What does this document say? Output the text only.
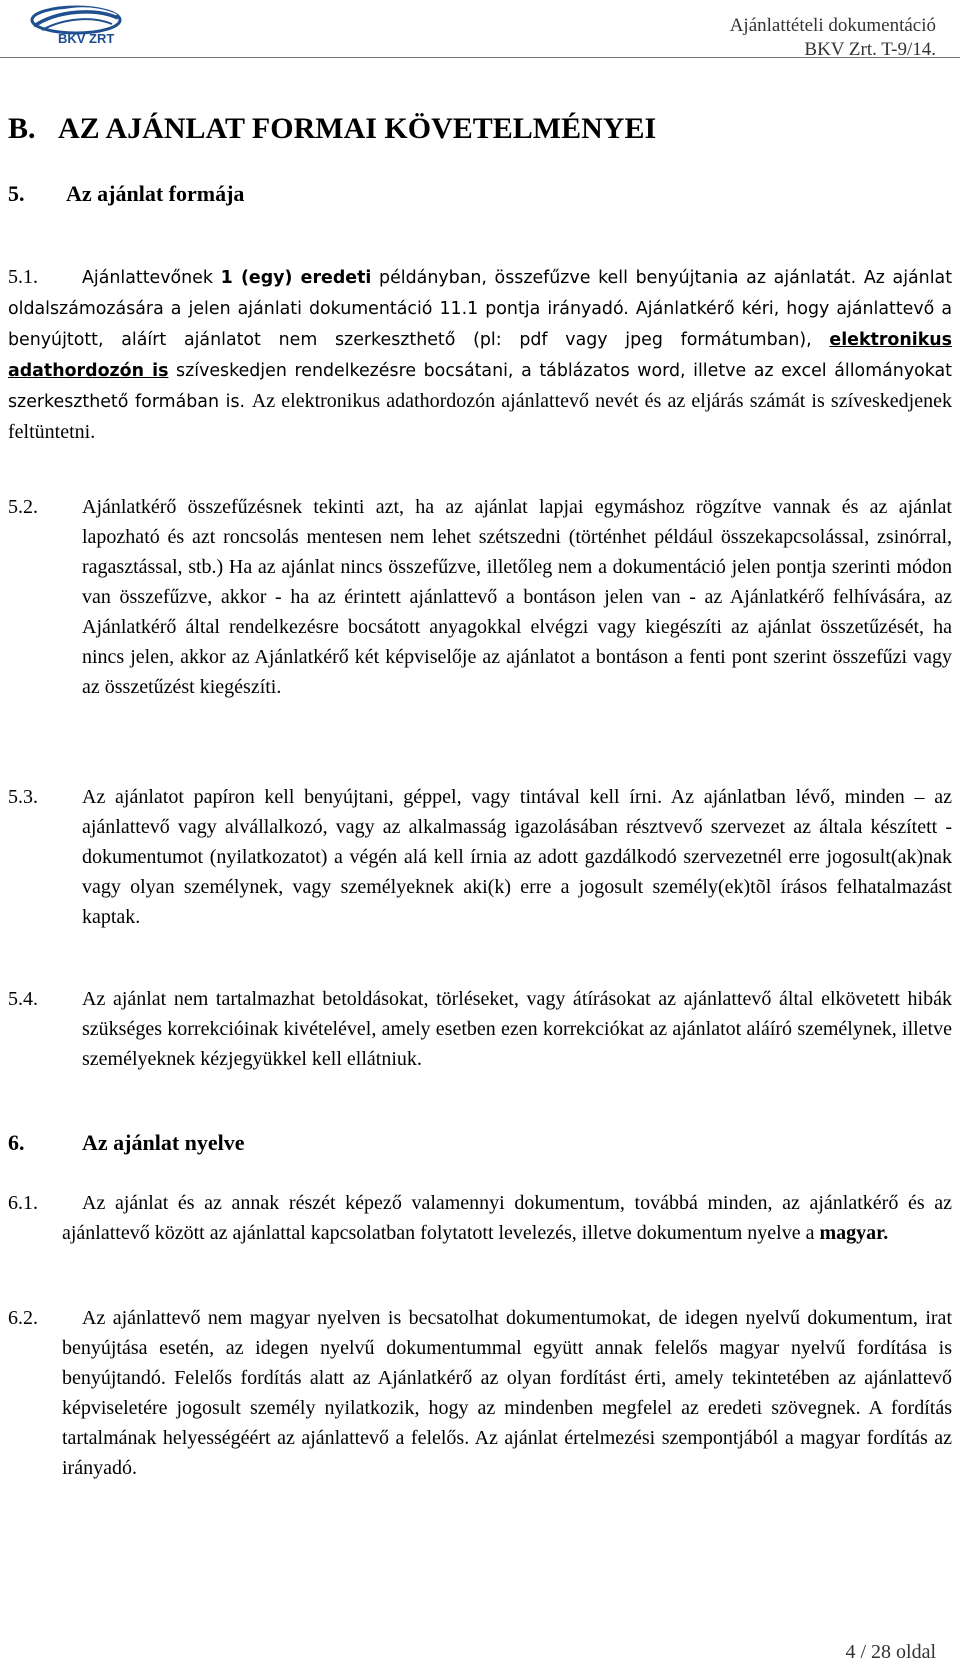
BKV ZRT
Ajánlattételi dokumentáció
BKV Zrt. T-9/14.
B. AZ AJÁNLAT FORMAI KÖVETELMÉNYEI
5. Az ajánlat formája
5.1.	Ajánlattevőnek 1 (egy) eredeti példányban, összefűzve kell benyújtania az ajánlatát. Az ajánlat oldalszámozására a jelen ajánlati dokumentáció 11.1 pontja irányadó. Ajánlatkérő kéri, hogy ajánlattevő a benyújtott, aláírt ajánlatot nem szerkeszthető (pl: pdf vagy jpeg formátumban), elektronikus adathordozón is szíveskedjen rendelkezésre bocsátani, a táblázatos word, illetve az excel állományokat szerkeszthető formában is. Az elektronikus adathordozón ajánlattevő nevét és az eljárás számát is szíveskedjenek feltüntetni.
5.2. Ajánlatkérő összefűzésnek tekinti azt, ha az ajánlat lapjai egymáshoz rögzítve vannak és az ajánlat lapozható és azt roncsolás mentesen nem lehet szétszedni (történhet például összekapcsolással, zsinórral, ragasztással, stb.) Ha az ajánlat nincs összefűzve, illetőleg nem a dokumentáció jelen pontja szerinti módon van összefűzve, akkor - ha az érintett ajánlattevő a bontáson jelen van - az Ajánlatkérő felhívására, az Ajánlatkérő által rendelkezésre bocsátott anyagokkal elvégzi vagy kiegészíti az ajánlat összetűzését, ha nincs jelen, akkor az Ajánlatkérő két képviselője az ajánlatot a bontáson a fenti pont szerint összefűzi vagy az összetűzést kiegészíti.
5.3. Az ajánlatot papíron kell benyújtani, géppel, vagy tintával kell írni. Az ajánlatban lévő, minden – az ajánlattevő vagy alvállalkozó, vagy az alkalmasság igazolásában résztvevő szervezet az általa készített - dokumentumot (nyilatkozatot) a végén alá kell írnia az adott gazdálkodó szervezetnél erre jogosult(ak)nak vagy olyan személynek, vagy személyeknek aki(k) erre a jogosult személy(ek)tõl írásos felhatalmazást kaptak.
5.4. Az ajánlat nem tartalmazhat betoldásokat, törléseket, vagy átírásokat az ajánlattevő által elkövetett hibák szükséges korrekcióinak kivételével, amely esetben ezen korrekciókat az ajánlatot aláíró személynek, illetve személyeknek kézjegyükkel kell ellátniuk.
6.	Az ajánlat nyelve
6.1.	Az ajánlat és az annak részét képező valamennyi dokumentum, továbbá minden, az ajánlatkérő és az ajánlattevő között az ajánlattal kapcsolatban folytatott levelezés, illetve dokumentum nyelve a magyar.
6.2.	Az ajánlattevő nem magyar nyelven is becsatolhat dokumentumokat, de idegen nyelvű dokumentum, irat benyújtása esetén, az idegen nyelvű dokumentummal együtt annak felelős magyar nyelvű fordítása is benyújtandó. Felelős fordítás alatt az Ajánlatkérő az olyan fordítást érti, amely tekintetében az ajánlattevő képviseletére jogosult személy nyilatkozik, hogy az mindenben megfelel az eredeti szövegnek. A fordítás tartalmának helyességéért az ajánlattevő a felelős. Az ajánlat értelmezési szempontjából a magyar fordítás az irányadó.
4 / 28 oldal
